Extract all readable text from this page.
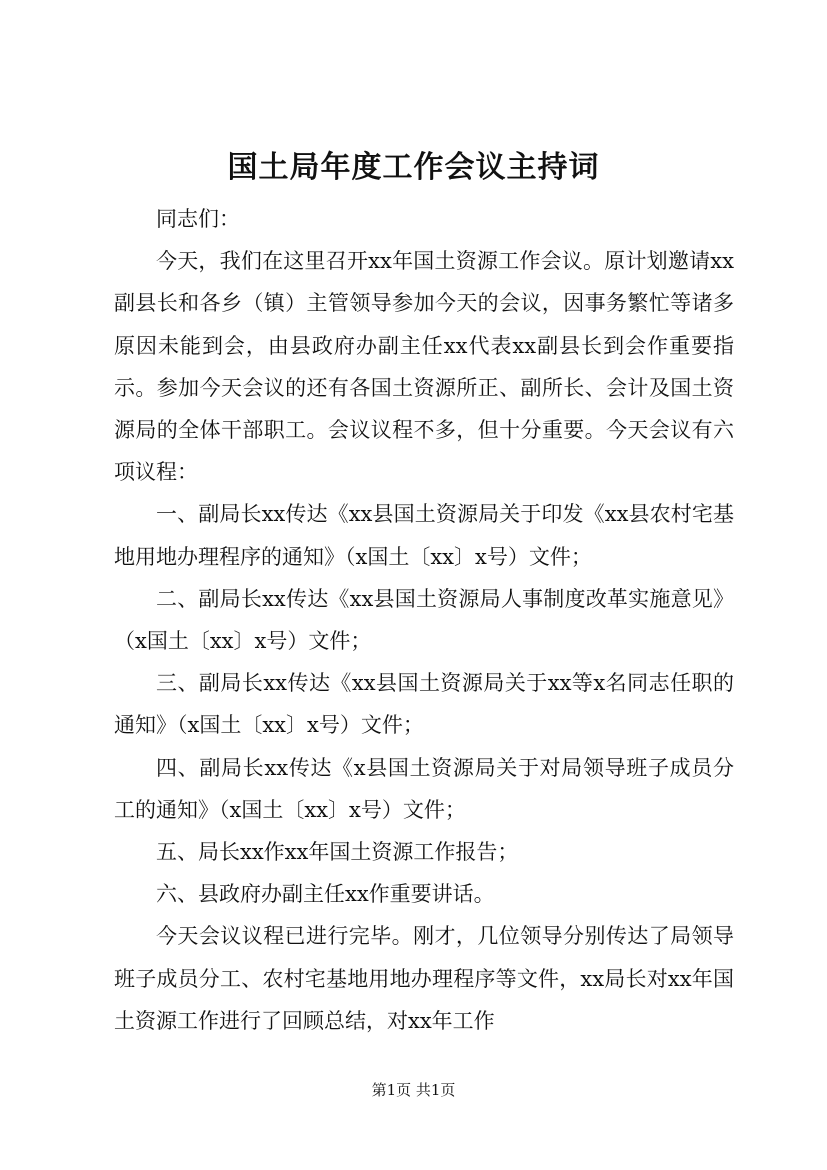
国土局年度工作会议主持词

同志们：

今天，我们在这里召开xx年国土资源工作会议。原计划邀请xx副县长和各乡（镇）主管领导参加今天的会议，因事务繁忙等诸多原因未能到会，由县政府办副主任xx代表xx副县长到会作重要指示。参加今天会议的还有各国土资源所正、副所长、会计及国土资源局的全体干部职工。会议议程不多，但十分重要。今天会议有六项议程：

一、副局长xx传达《xx县国土资源局关于印发《xx县农村宅基地用地办理程序的通知》（x国土〔xx〕x号）文件；

二、副局长xx传达《xx县国土资源局人事制度改革实施意见》（x国土〔xx〕x号）文件；

三、副局长xx传达《xx县国土资源局关于xx等x名同志任职的通知》（x国土〔xx〕x号）文件；

四、副局长xx传达《x县国土资源局关于对局领导班子成员分工的通知》（x国土〔xx〕x号）文件；

五、局长xx作xx年国土资源工作报告；

六、县政府办副主任xx作重要讲话。

今天会议议程已进行完毕。刚才，几位领导分别传达了局领导班子成员分工、农村宅基地用地办理程序等文件，xx局长对xx年国土资源工作进行了回顾总结，对xx年工作

第1页 共1页
